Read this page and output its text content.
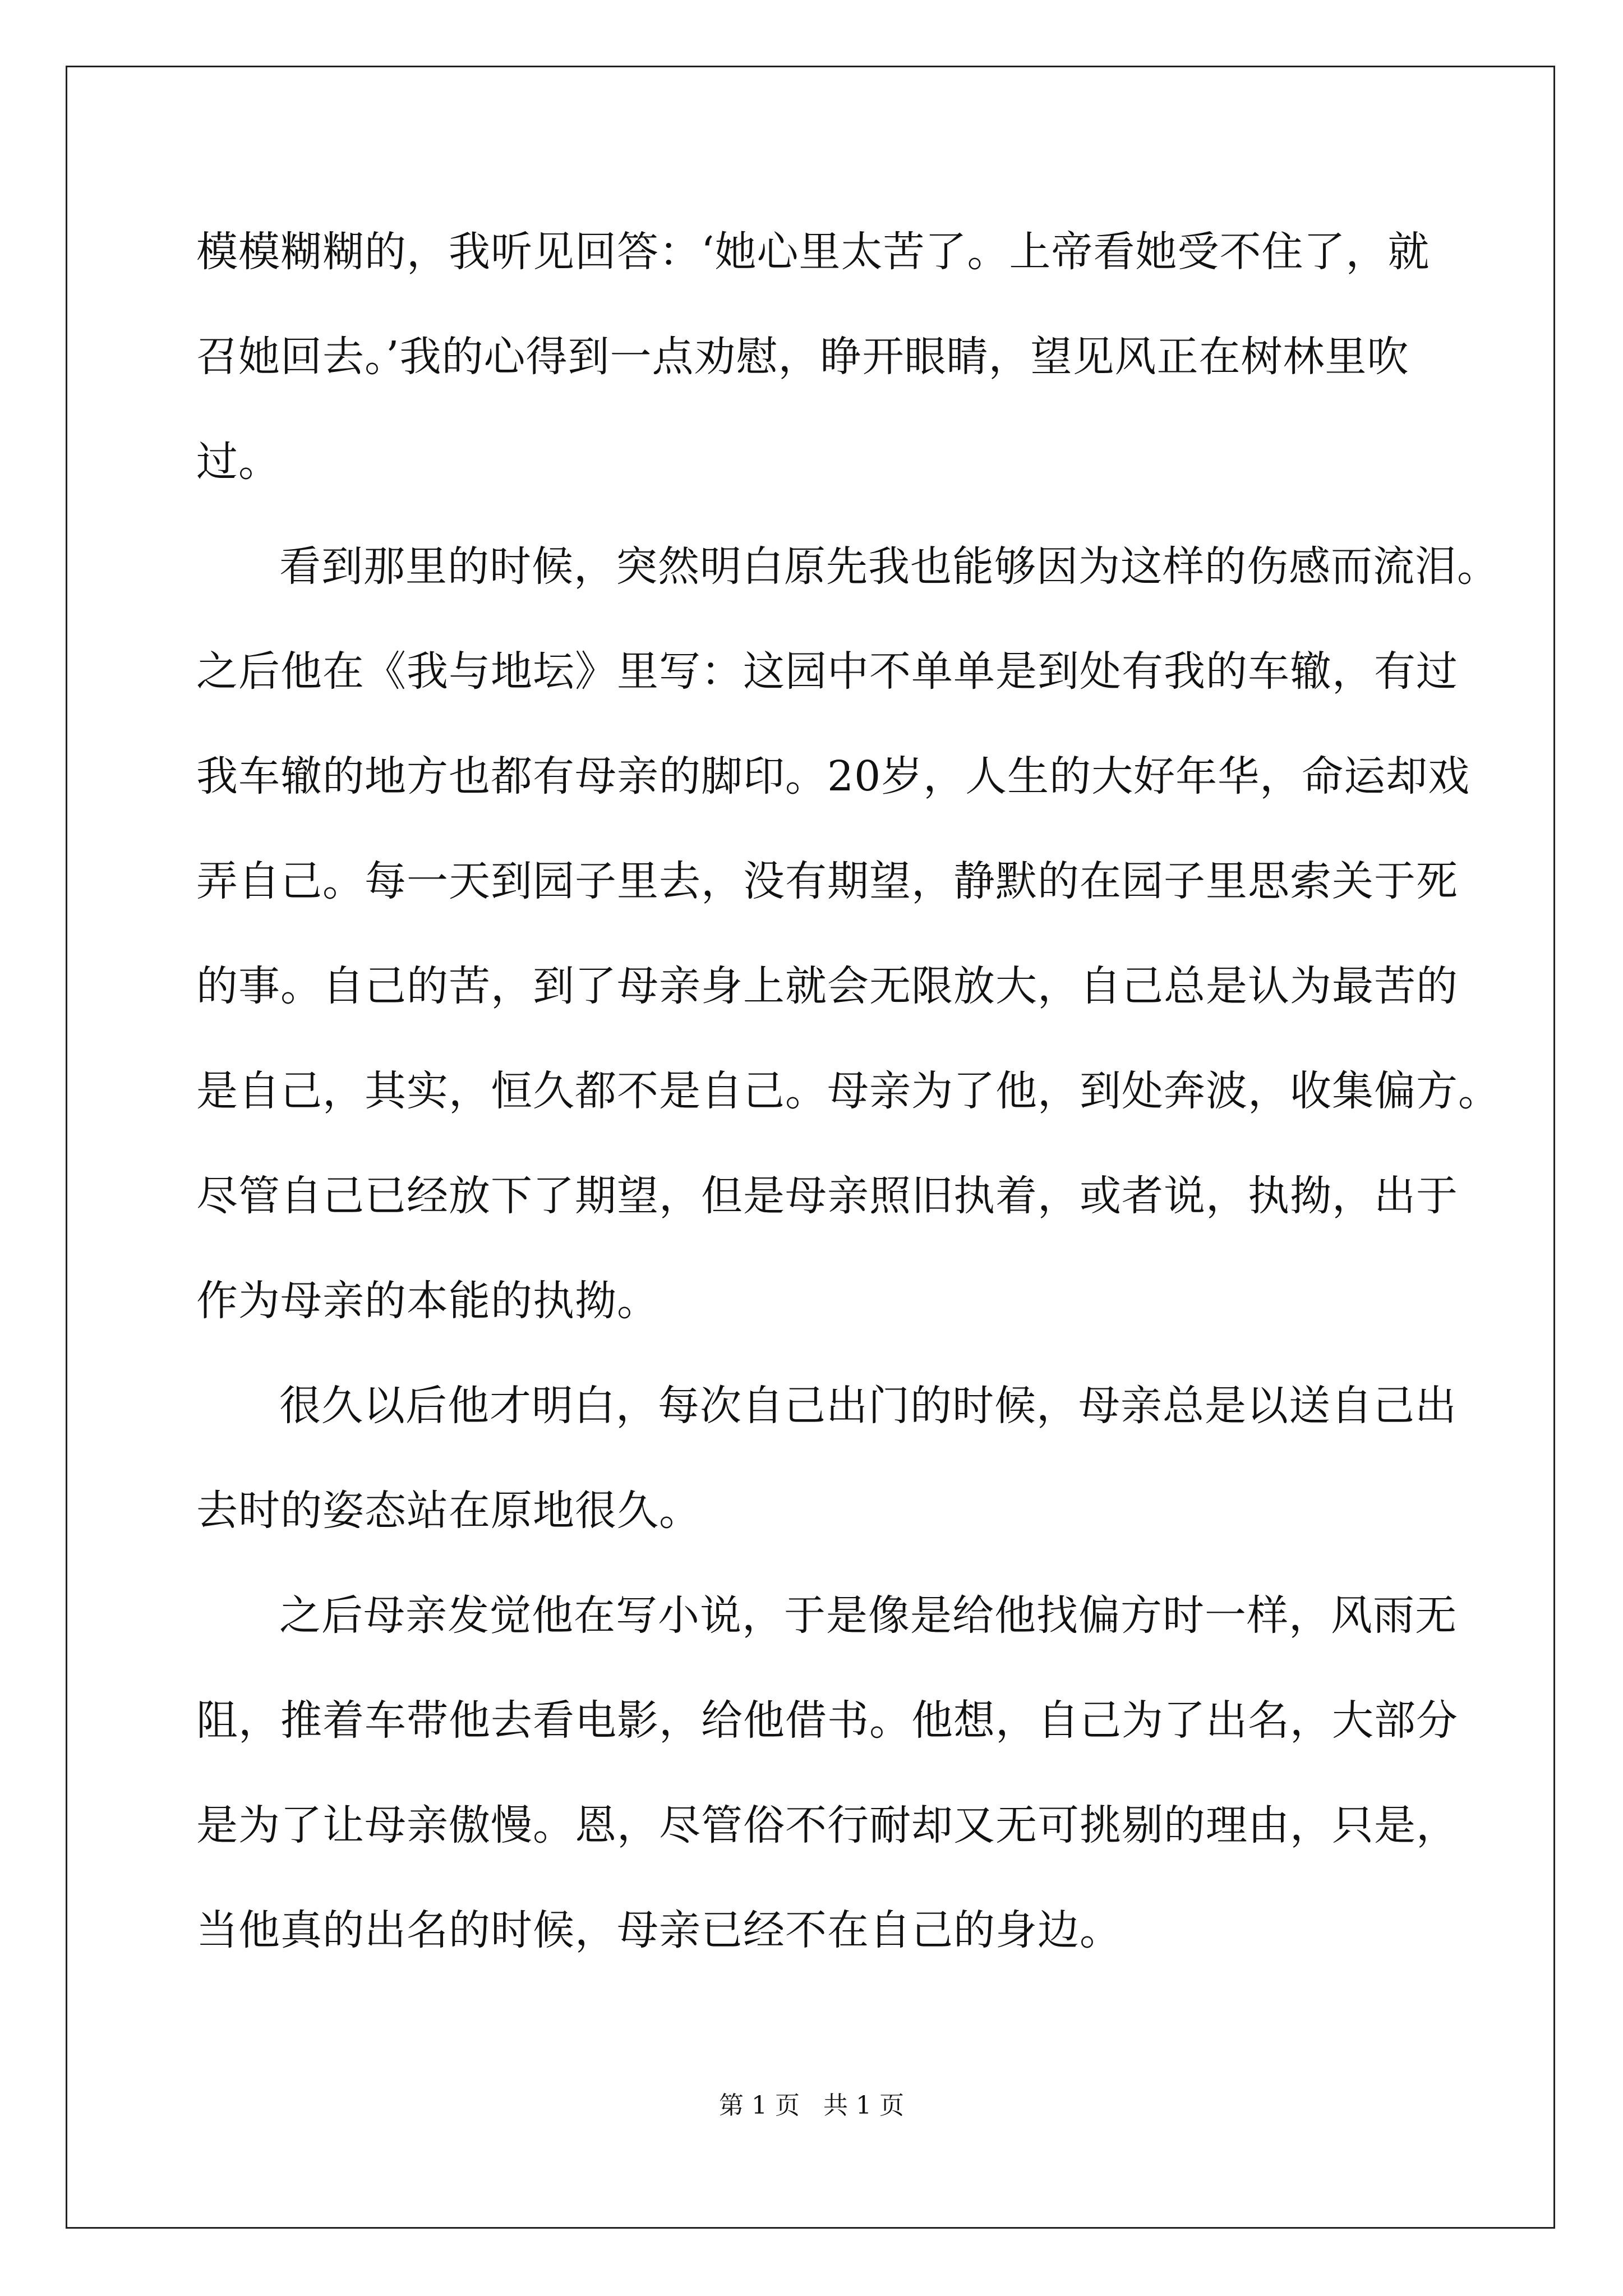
模模糊糊的，我听见回答：‘她心里太苦了。上帝看她受不住了，就
召她回去。’我的心得到一点劝慰，睁开眼睛，望见风正在树林里吹
过。
看到那里的时候，突然明白原先我也能够因为这样的伤感而流泪。
之后他在《我与地坛》里写：这园中不单单是到处有我的车辙，有过
我车辙的地方也都有母亲的脚印。20岁，人生的大好年华，命运却戏
弄自己。每一天到园子里去，没有期望，静默的在园子里思索关于死
的事。自己的苦，到了母亲身上就会无限放大，自己总是认为最苦的
是自己，其实，恒久都不是自己。母亲为了他，到处奔波，收集偏方。
尽管自己已经放下了期望，但是母亲照旧执着，或者说，执拗，出于
作为母亲的本能的执拗。
很久以后他才明白，每次自己出门的时候，母亲总是以送自己出
去时的姿态站在原地很久。
之后母亲发觉他在写小说，于是像是给他找偏方时一样，风雨无
阻，推着车带他去看电影，给他借书。他想，自己为了出名，大部分
是为了让母亲傲慢。恩，尽管俗不行耐却又无可挑剔的理由，只是，
当他真的出名的时候，母亲已经不在自己的身边。
第 1 页   共 1 页
